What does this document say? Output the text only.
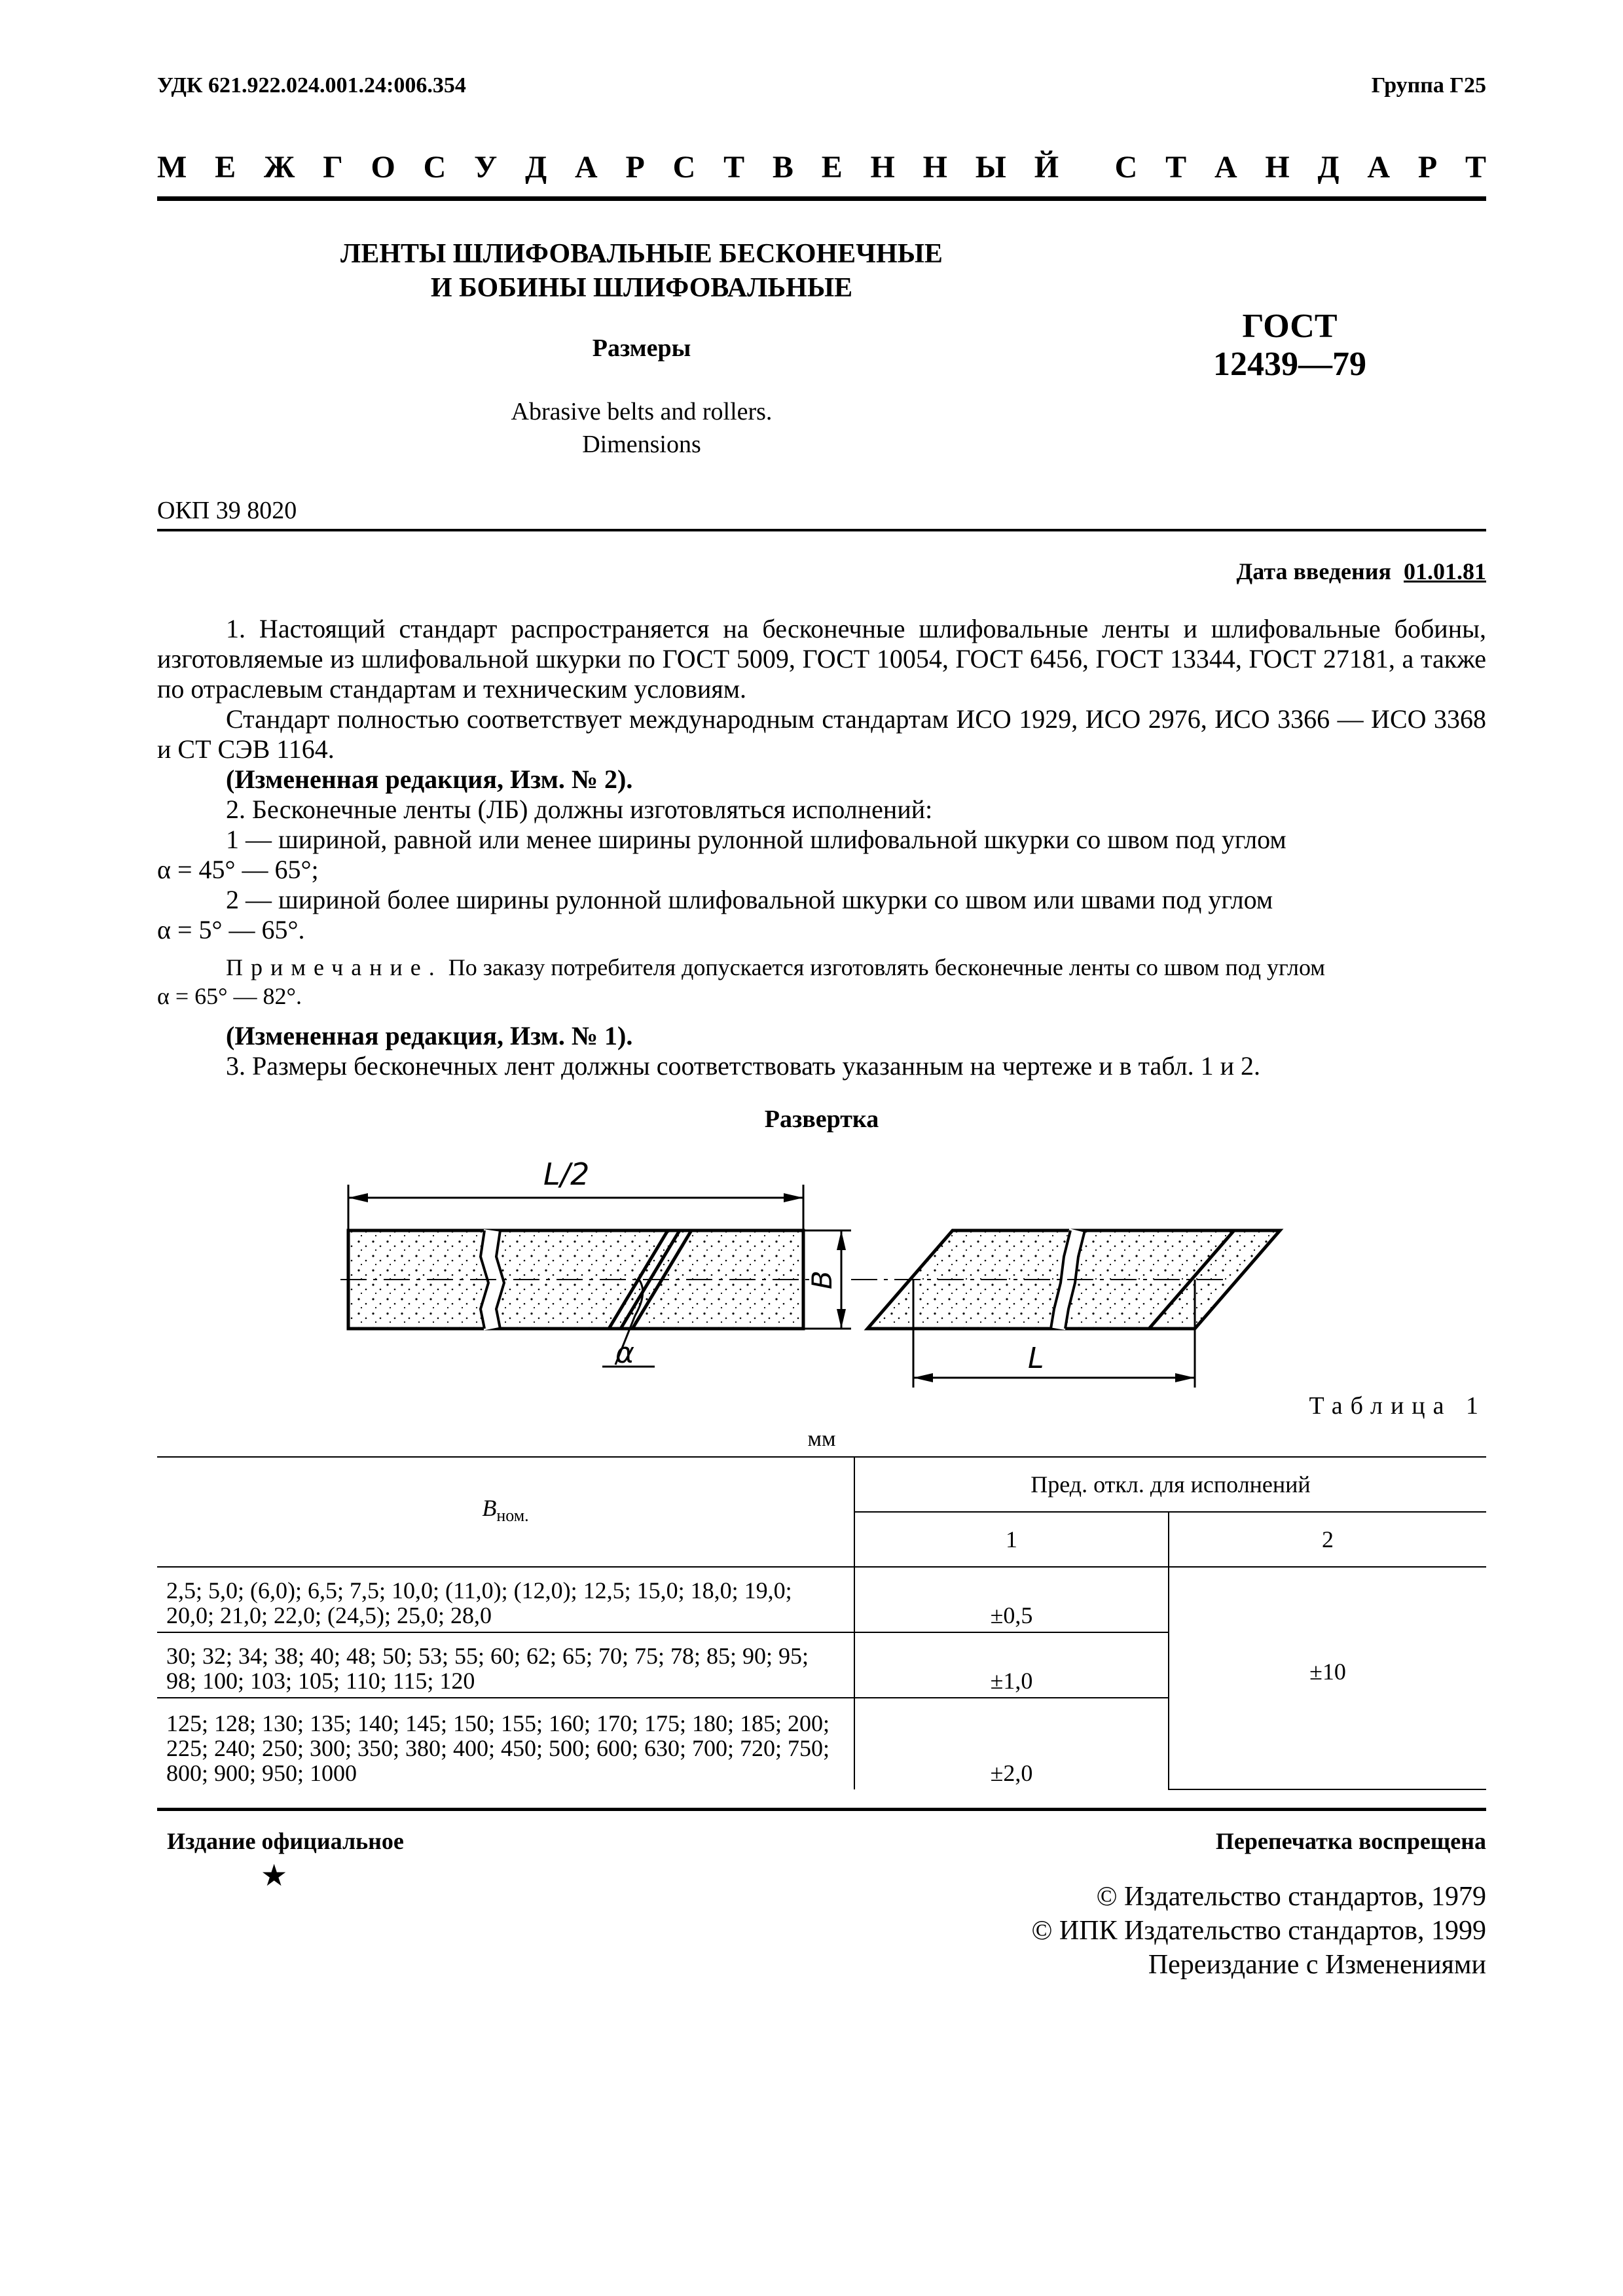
УДК 621.922.024.001.24:006.354	Группа Г25
М Е Ж Г О С У Д А Р С Т В Е Н Н Ы Й С Т А Н Д А Р Т
ЛЕНТЫ ШЛИФОВАЛЬНЫЕ БЕСКОНЕЧНЫЕ
И БОБИНЫ ШЛИФОВАЛЬНЫЕ
Размеры
Abrasive belts and rollers.
Dimensions
ГОСТ
12439—79
ОКП 39 8020
Дата введения 01.01.81
1. Настоящий стандарт распространяется на бесконечные шлифовальные ленты и шлифовальные бобины, изготовляемые из шлифовальной шкурки по ГОСТ 5009, ГОСТ 10054, ГОСТ 6456, ГОСТ 13344, ГОСТ 27181, а также по отраслевым стандартам и техническим условиям.
Стандарт полностью соответствует международным стандартам ИСО 1929, ИСО 2976, ИСО 3366 — ИСО 3368 и СТ СЭВ 1164.
(Измененная редакция, Изм. № 2).
2. Бесконечные ленты (ЛБ) должны изготовляться исполнений:
1 — шириной, равной или менее ширины рулонной шлифовальной шкурки со швом под углом
α = 45° — 65°;
2 — шириной более ширины рулонной шлифовальной шкурки со швом или швами под углом
α = 5° — 65°.
Примечание. По заказу потребителя допускается изготовлять бесконечные ленты со швом под углом
α = 65° — 82°.
(Измененная редакция, Изм. № 1).
3. Размеры бесконечных лент должны соответствовать указанным на чертеже и в табл. 1 и 2.
Развертка
L/2
α
B
L
Таблица 1
мм
$B_{ном.}$	Пред. откл. для исполнений	
	1	2
2,5; 5,0; (6,0); 6,5; 7,5; 10,0; (11,0); (12,0); 12,5; 15,0; 18,0; 19,0; 20,0; 21,0; 22,0; (24,5); 25,0; 28,0	±0,5	±10
30; 32; 34; 38; 40; 48; 50; 53; 55; 60; 62; 65; 70; 75; 78; 85; 90; 95; 98; 100; 103; 105; 110; 115; 120	±1,0	
125; 128; 130; 135; 140; 145; 150; 155; 160; 170; 175; 180; 185; 200; 225; 240; 250; 300; 350; 380; 400; 450; 500; 600; 630; 700; 720; 750; 800; 900; 950; 1000	±2,0	
Издание официальное
★
Перепечатка воспрещена
© Издательство стандартов, 1979
© ИПК Издательство стандартов, 1999
Переиздание с Изменениями
